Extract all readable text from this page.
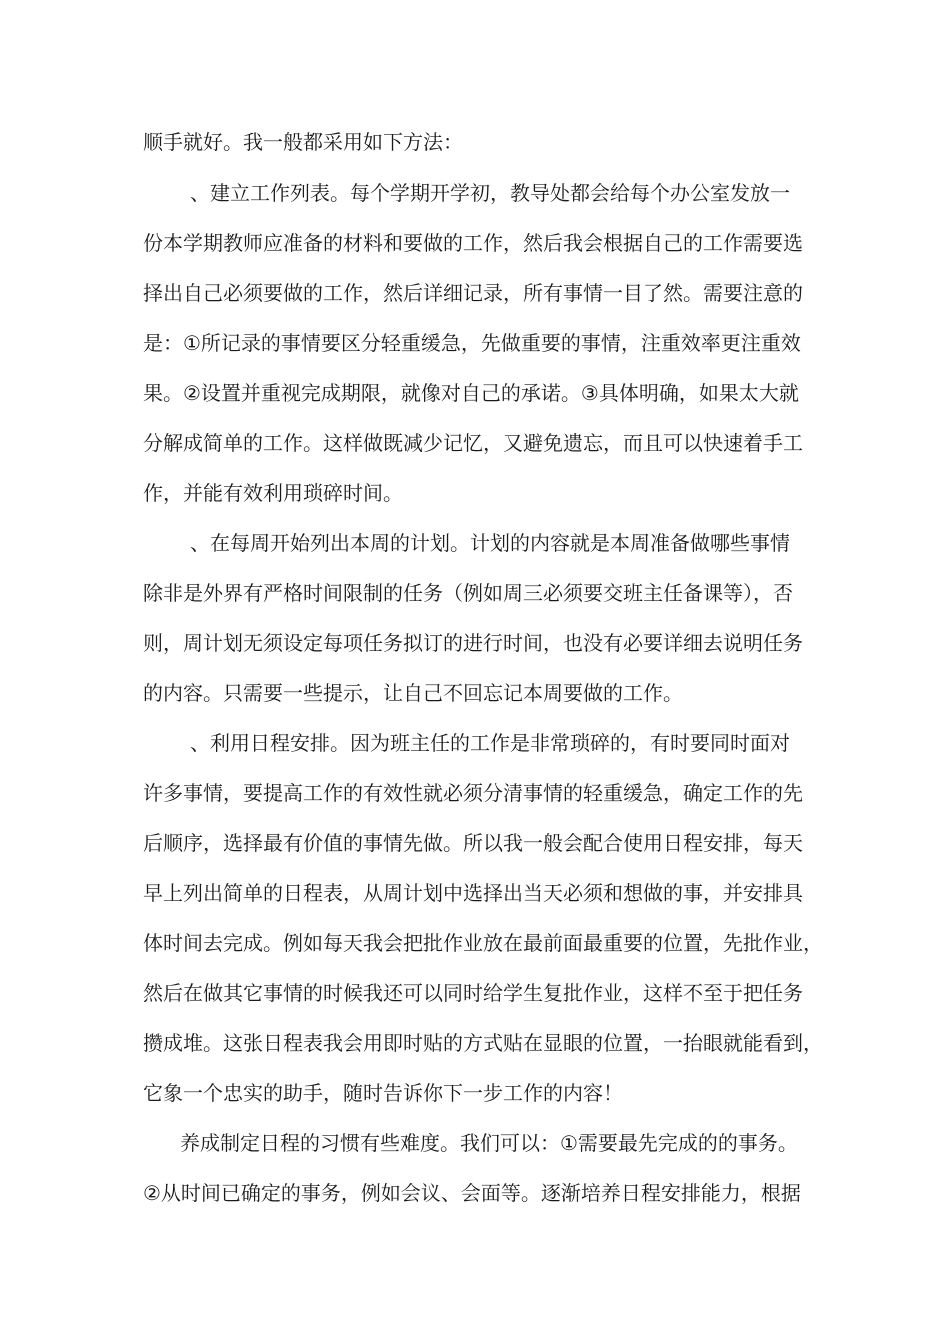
顺手就好。我一般都采用如下方法：
、建立工作列表。每个学期开学初，教导处都会给每个办公室发放一
份本学期教师应准备的材料和要做的工作，然后我会根据自己的工作需要选
择出自己必须要做的工作，然后详细记录，所有事情一目了然。需要注意的
是：①所记录的事情要区分轻重缓急，先做重要的事情，注重效率更注重效
果。②设置并重视完成期限，就像对自己的承诺。③具体明确，如果太大就
分解成简单的工作。这样做既减少记忆，又避免遗忘，而且可以快速着手工
作，并能有效利用琐碎时间。
、在每周开始列出本周的计划。计划的内容就是本周准备做哪些事情
除非是外界有严格时间限制的任务（例如周三必须要交班主任备课等），否
则，周计划无须设定每项任务拟订的进行时间，也没有必要详细去说明任务
的内容。只需要一些提示，让自己不回忘记本周要做的工作。
、利用日程安排。因为班主任的工作是非常琐碎的，有时要同时面对
许多事情，要提高工作的有效性就必须分清事情的轻重缓急，确定工作的先
后顺序，选择最有价值的事情先做。所以我一般会配合使用日程安排，每天
早上列出简单的日程表，从周计划中选择出当天必须和想做的事，并安排具
体时间去完成。例如每天我会把批作业放在最前面最重要的位置，先批作业，
然后在做其它事情的时候我还可以同时给学生复批作业，这样不至于把任务
攒成堆。这张日程表我会用即时贴的方式贴在显眼的位置，一抬眼就能看到，
它象一个忠实的助手，随时告诉你下一步工作的内容！
养成制定日程的习惯有些难度。我们可以：①需要最先完成的的事务。
②从时间已确定的事务，例如会议、会面等。逐渐培养日程安排能力，根据
